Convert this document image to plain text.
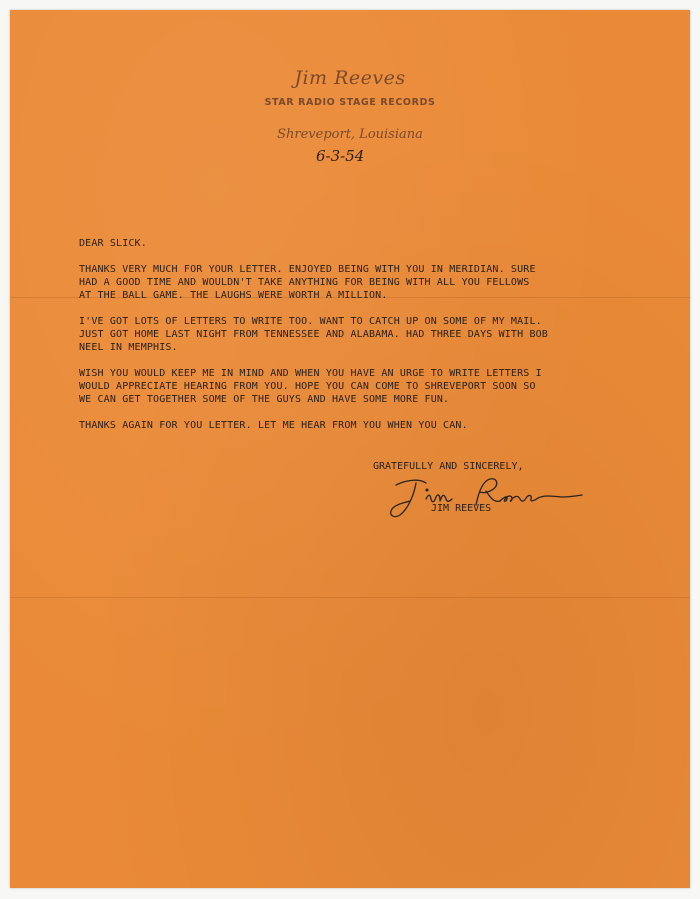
Jim Reeves
STAR RADIO STAGE RECORDS
Shreveport, Louisiana
6-3-54
DEAR SLICK.
THANKS VERY MUCH FOR YOUR LETTER. ENJOYED BEING WITH YOU IN MERIDIAN. SURE
HAD A GOOD TIME AND WOULDN'T TAKE ANYTHING FOR BEING WITH ALL YOU FELLOWS
AT THE BALL GAME. THE LAUGHS WERE WORTH A MILLION.
I'VE GOT LOTS OF LETTERS TO WRITE TOO. WANT TO CATCH UP ON SOME OF MY MAIL.
JUST GOT HOME LAST NIGHT FROM TENNESSEE AND ALABAMA. HAD THREE DAYS WITH BOB
NEEL IN MEMPHIS.
WISH YOU WOULD KEEP ME IN MIND AND WHEN YOU HAVE AN URGE TO WRITE LETTERS I
WOULD APPRECIATE HEARING FROM YOU. HOPE YOU CAN COME TO SHREVEPORT SOON SO
WE CAN GET TOGETHER SOME OF THE GUYS AND HAVE SOME MORE FUN.
THANKS AGAIN FOR YOU LETTER. LET ME HEAR FROM YOU WHEN YOU CAN.
GRATEFULLY AND SINCERELY,
JIM REEVES
